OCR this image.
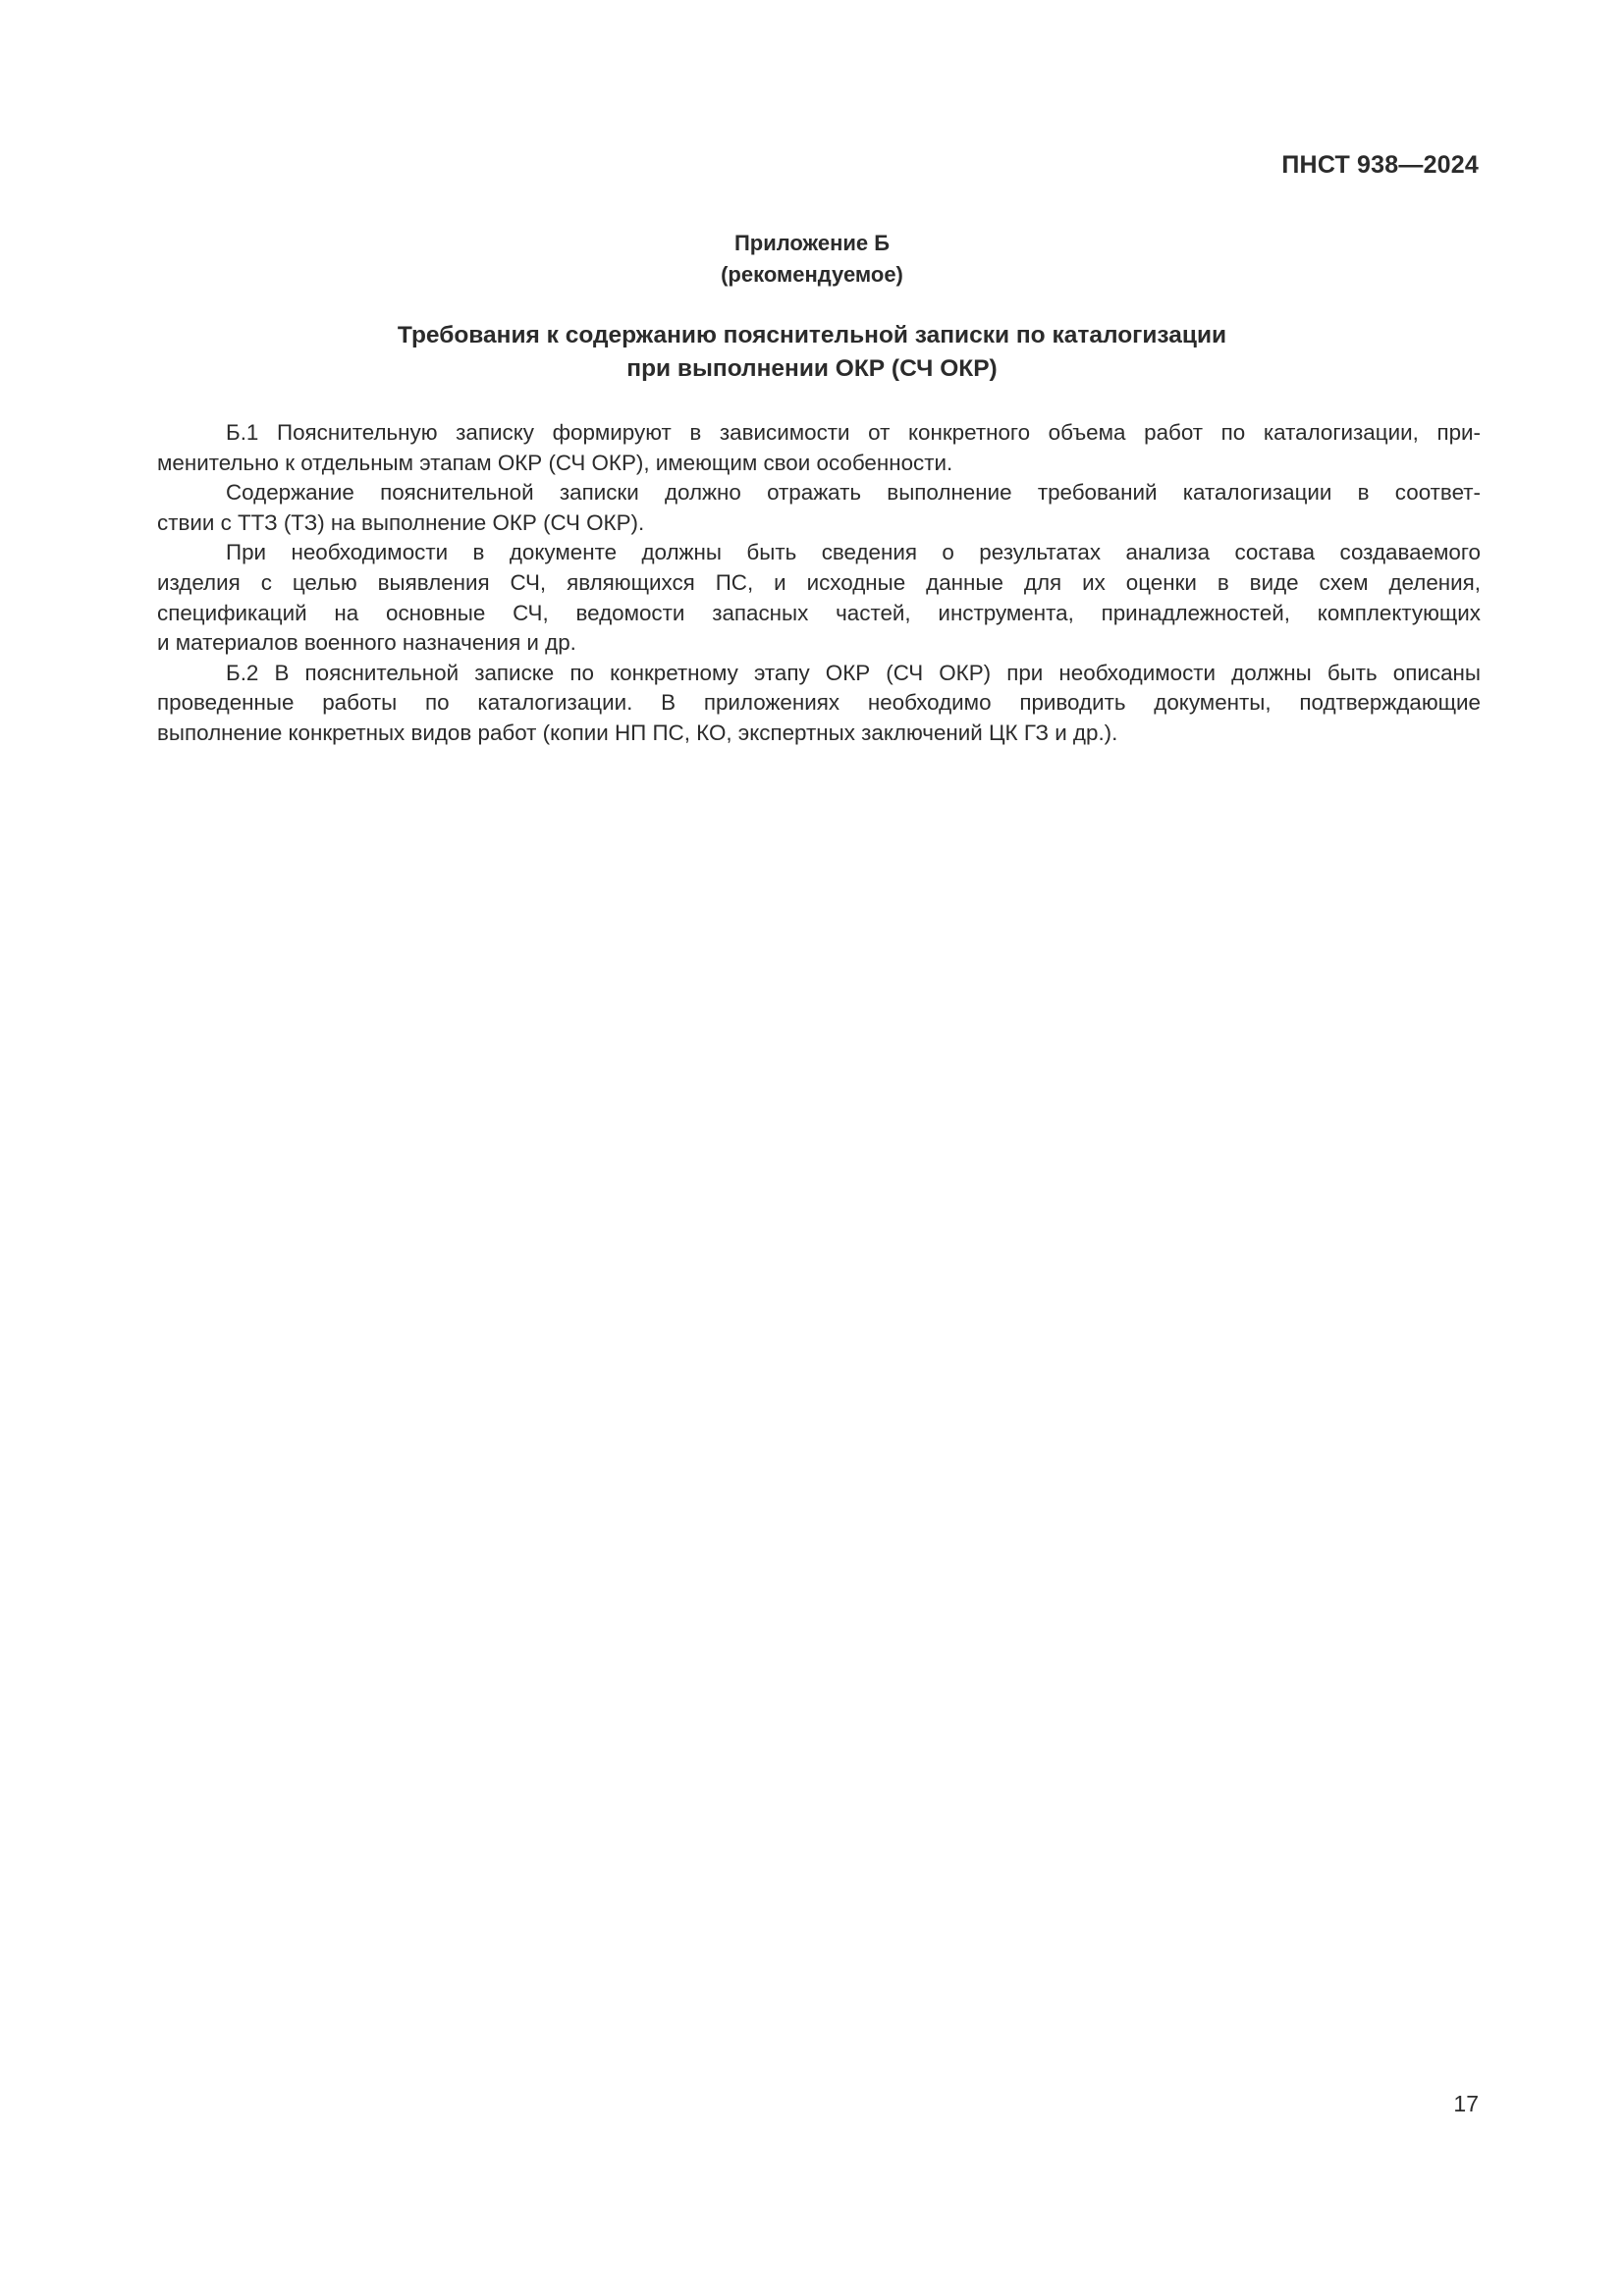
ПНСТ 938—2024
Приложение Б
(рекомендуемое)
Требования к содержанию пояснительной записки по каталогизации
при выполнении ОКР (СЧ ОКР)
Б.1 Пояснительную записку формируют в зависимости от конкретного объема работ по каталогизации, при-
менительно к отдельным этапам ОКР (СЧ ОКР), имеющим свои особенности.
Содержание пояснительной записки должно отражать выполнение требований каталогизации в соответ-
ствии с ТТЗ (ТЗ) на выполнение ОКР (СЧ ОКР).
При необходимости в документе должны быть сведения о результатах анализа состава создаваемого
изделия с целью выявления СЧ, являющихся ПС, и исходные данные для их оценки в виде схем деления,
спецификаций на основные СЧ, ведомости запасных частей, инструмента, принадлежностей, комплектующих
и материалов военного назначения и др.
Б.2 В пояснительной записке по конкретному этапу ОКР (СЧ ОКР) при необходимости должны быть описаны
проведенные работы по каталогизации. В приложениях необходимо приводить документы, подтверждающие
выполнение конкретных видов работ (копии НП ПС, КО, экспертных заключений ЦК ГЗ и др.).
17
